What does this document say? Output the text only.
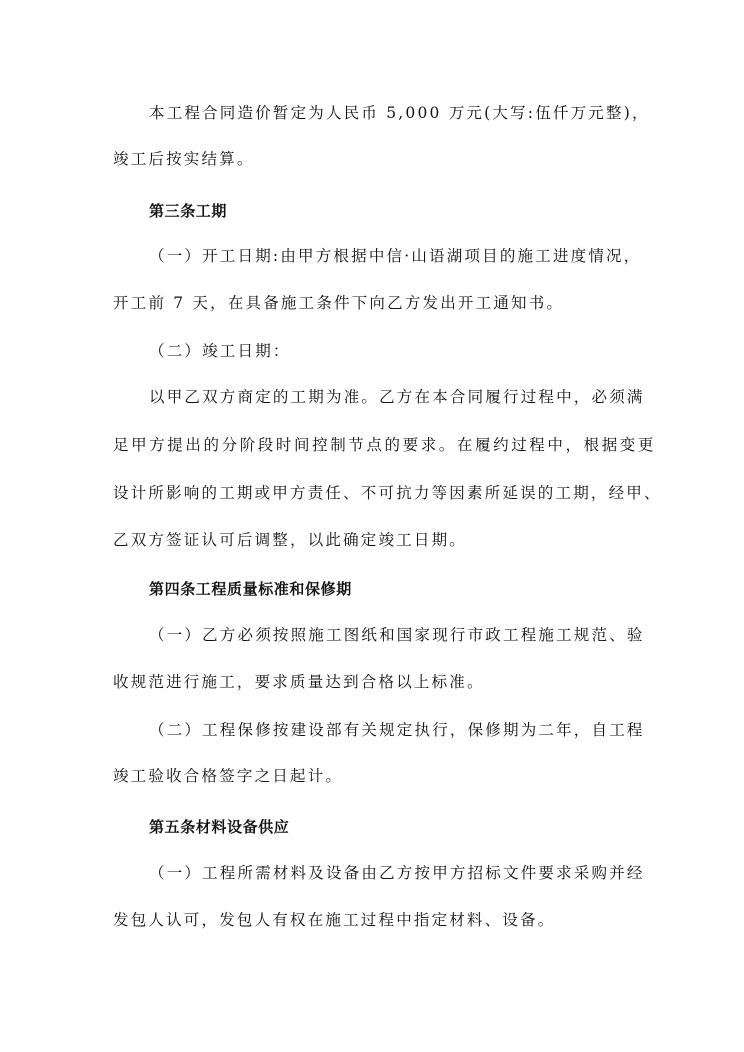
本工程合同造价暂定为人民币 5,000 万元(大写:伍仟万元整)，
竣工后按实结算。
第三条工期
（一）开工日期:由甲方根据中信·山语湖项目的施工进度情况，
开工前 7 天，在具备施工条件下向乙方发出开工通知书。
（二）竣工日期：
以甲乙双方商定的工期为准。乙方在本合同履行过程中，必须满
足甲方提出的分阶段时间控制节点的要求。在履约过程中，根据变更
设计所影响的工期或甲方责任、不可抗力等因素所延误的工期，经甲、
乙双方签证认可后调整，以此确定竣工日期。
第四条工程质量标准和保修期
（一）乙方必须按照施工图纸和国家现行市政工程施工规范、验
收规范进行施工，要求质量达到合格以上标准。
（二）工程保修按建设部有关规定执行，保修期为二年，自工程
竣工验收合格签字之日起计。
第五条材料设备供应
（一）工程所需材料及设备由乙方按甲方招标文件要求采购并经
发包人认可，发包人有权在施工过程中指定材料、设备。
